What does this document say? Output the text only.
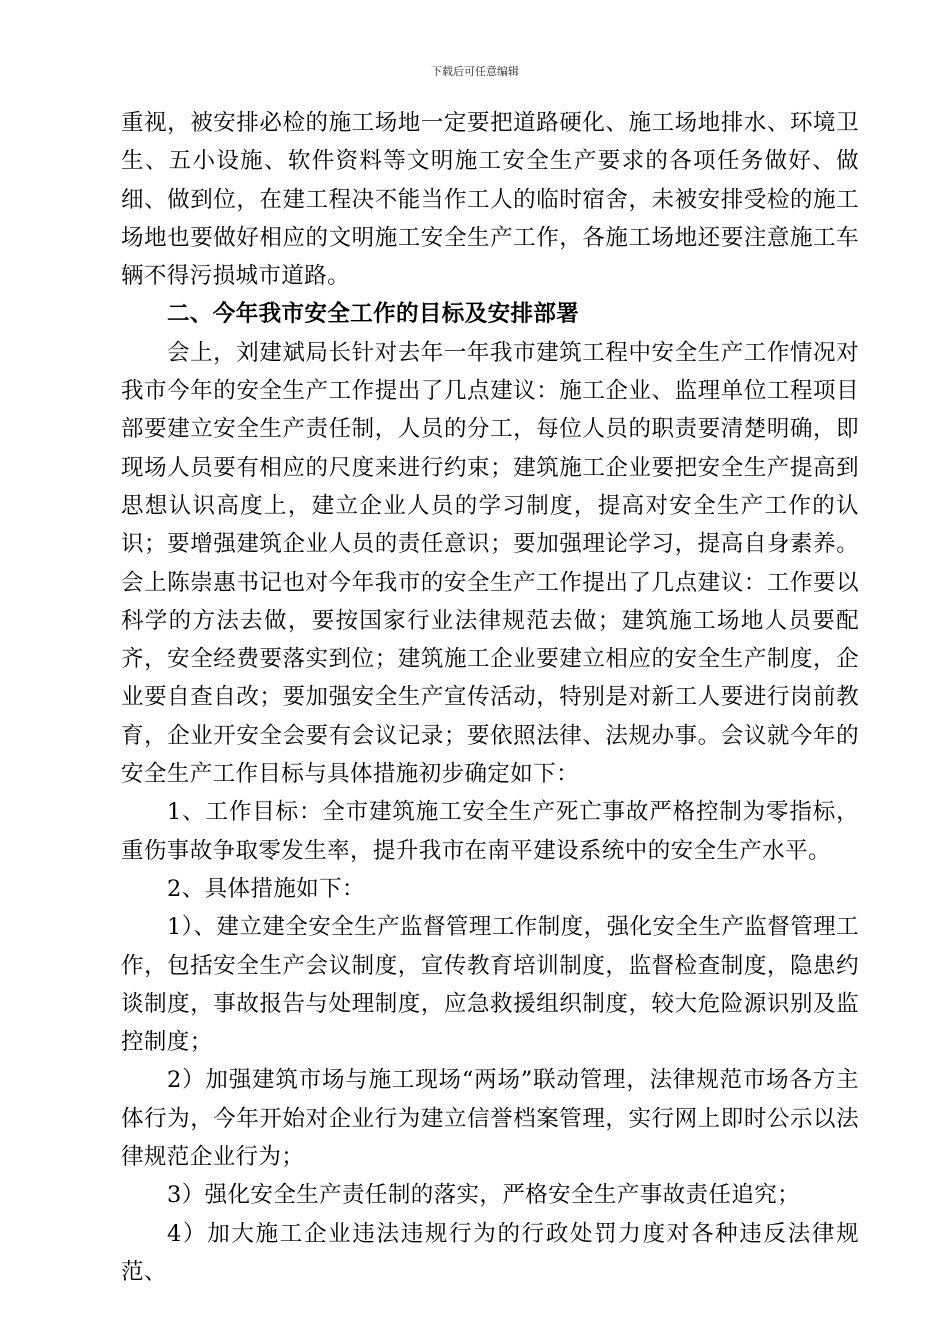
下载后可任意编辑

重视，被安排必检的施工场地一定要把道路硬化、施工场地排水、环境卫生、五小设施、软件资料等文明施工安全生产要求的各项任务做好、做细、做到位，在建工程决不能当作工人的临时宿舍，未被安排受检的施工场地也要做好相应的文明施工安全生产工作，各施工场地还要注意施工车辆不得污损城市道路。

二、今年我市安全工作的目标及安排部署

会上，刘建斌局长针对去年一年我市建筑工程中安全生产工作情况对我市今年的安全生产工作提出了几点建议：施工企业、监理单位工程项目部要建立安全生产责任制，人员的分工，每位人员的职责要清楚明确，即现场人员要有相应的尺度来进行约束；建筑施工企业要把安全生产提高到思想认识高度上，建立企业人员的学习制度，提高对安全生产工作的认识；要增强建筑企业人员的责任意识；要加强理论学习，提高自身素养。会上陈崇惠书记也对今年我市的安全生产工作提出了几点建议：工作要以科学的方法去做，要按国家行业法律规范去做；建筑施工场地人员要配齐，安全经费要落实到位；建筑施工企业要建立相应的安全生产制度，企业要自查自改；要加强安全生产宣传活动，特别是对新工人要进行岗前教育，企业开安全会要有会议记录；要依照法律、法规办事。会议就今年的安全生产工作目标与具体措施初步确定如下：

1、工作目标：全市建筑施工安全生产死亡事故严格控制为零指标，重伤事故争取零发生率，提升我市在南平建设系统中的安全生产水平。

2、具体措施如下：

1）、建立建全安全生产监督管理工作制度，强化安全生产监督管理工作，包括安全生产会议制度，宣传教育培训制度，监督检查制度，隐患约谈制度，事故报告与处理制度，应急救援组织制度，较大危险源识别及监控制度；

2）加强建筑市场与施工现场“两场”联动管理，法律规范市场各方主体行为，今年开始对企业行为建立信誉档案管理，实行网上即时公示以法律规范企业行为；

3）强化安全生产责任制的落实，严格安全生产事故责任追究；

4）加大施工企业违法违规行为的行政处罚力度对各种违反法律规范、
